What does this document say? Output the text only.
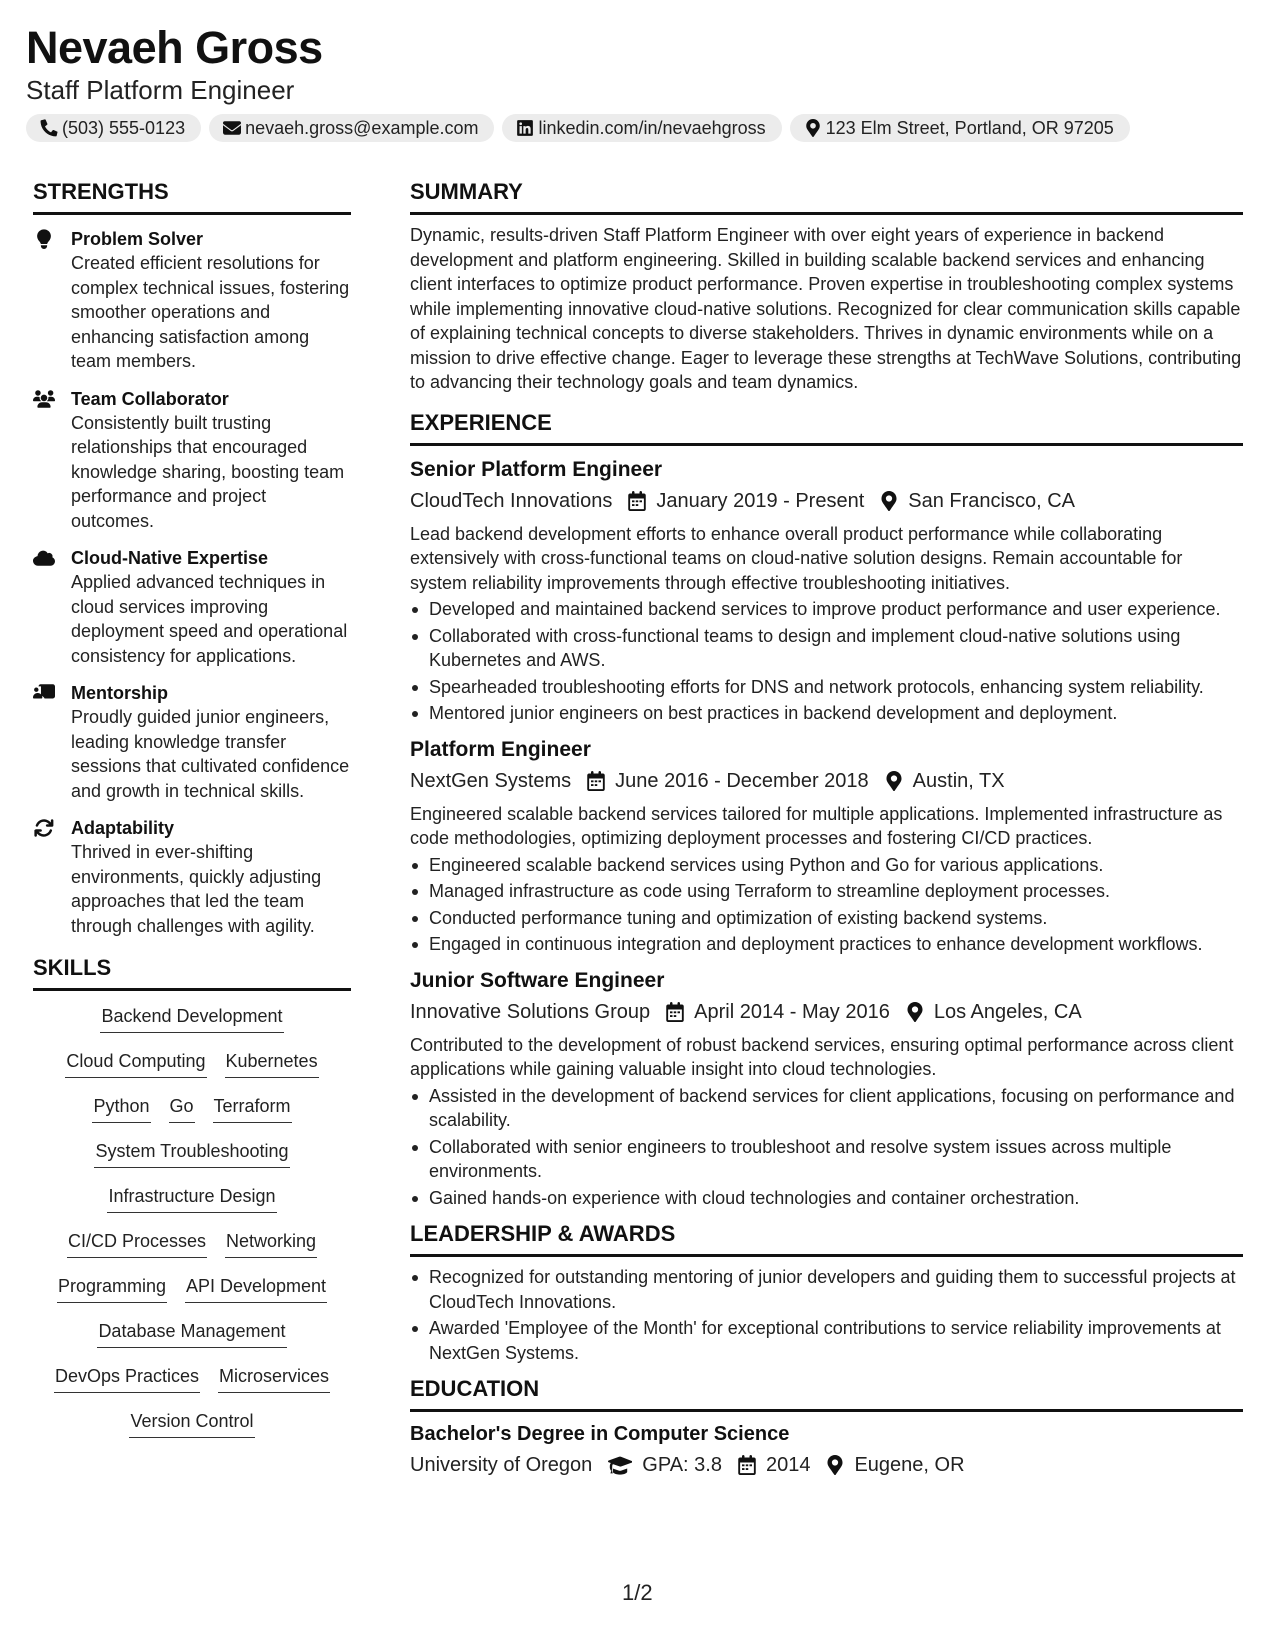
Nevaeh Gross
Staff Platform Engineer
(503) 555-0123	nevaeh.gross@example.com	linkedin.com/in/nevaehgross	123 Elm Street, Portland, OR 97205
STRENGTHS
Problem Solver
Created efficient resolutions for complex technical issues, fostering smoother operations and enhancing satisfaction among team members.
Team Collaborator
Consistently built trusting relationships that encouraged knowledge sharing, boosting team performance and project outcomes.
Cloud-Native Expertise
Applied advanced techniques in cloud services improving deployment speed and operational consistency for applications.
Mentorship
Proudly guided junior engineers, leading knowledge transfer sessions that cultivated confidence and growth in technical skills.
Adaptability
Thrived in ever-shifting environments, quickly adjusting approaches that led the team through challenges with agility.
SKILLS
Backend Development
Cloud Computing Kubernetes
Python Go Terraform
System Troubleshooting
Infrastructure Design
CI/CD Processes Networking
Programming API Development
Database Management
DevOps Practices Microservices
Version Control
SUMMARY
Dynamic, results-driven Staff Platform Engineer with over eight years of experience in backend development and platform engineering. Skilled in building scalable backend services and enhancing client interfaces to optimize product performance. Proven expertise in troubleshooting complex systems while implementing innovative cloud-native solutions. Recognized for clear communication skills capable of explaining technical concepts to diverse stakeholders. Thrives in dynamic environments while on a mission to drive effective change. Eager to leverage these strengths at TechWave Solutions, contributing to advancing their technology goals and team dynamics.
EXPERIENCE
Senior Platform Engineer
CloudTech Innovations January 2019 - Present San Francisco, CA
Lead backend development efforts to enhance overall product performance while collaborating extensively with cross-functional teams on cloud-native solution designs. Remain accountable for system reliability improvements through effective troubleshooting initiatives.
Developed and maintained backend services to improve product performance and user experience.
Collaborated with cross-functional teams to design and implement cloud-native solutions using Kubernetes and AWS.
Spearheaded troubleshooting efforts for DNS and network protocols, enhancing system reliability.
Mentored junior engineers on best practices in backend development and deployment.
Platform Engineer
NextGen Systems June 2016 - December 2018 Austin, TX
Engineered scalable backend services tailored for multiple applications. Implemented infrastructure as code methodologies, optimizing deployment processes and fostering CI/CD practices.
Engineered scalable backend services using Python and Go for various applications.
Managed infrastructure as code using Terraform to streamline deployment processes.
Conducted performance tuning and optimization of existing backend systems.
Engaged in continuous integration and deployment practices to enhance development workflows.
Junior Software Engineer
Innovative Solutions Group April 2014 - May 2016 Los Angeles, CA
Contributed to the development of robust backend services, ensuring optimal performance across client applications while gaining valuable insight into cloud technologies.
Assisted in the development of backend services for client applications, focusing on performance and scalability.
Collaborated with senior engineers to troubleshoot and resolve system issues across multiple environments.
Gained hands-on experience with cloud technologies and container orchestration.
LEADERSHIP & AWARDS
Recognized for outstanding mentoring of junior developers and guiding them to successful projects at CloudTech Innovations.
Awarded 'Employee of the Month' for exceptional contributions to service reliability improvements at NextGen Systems.
EDUCATION
Bachelor's Degree in Computer Science
University of Oregon	GPA: 3.8 2014 Eugene, OR
1/2
